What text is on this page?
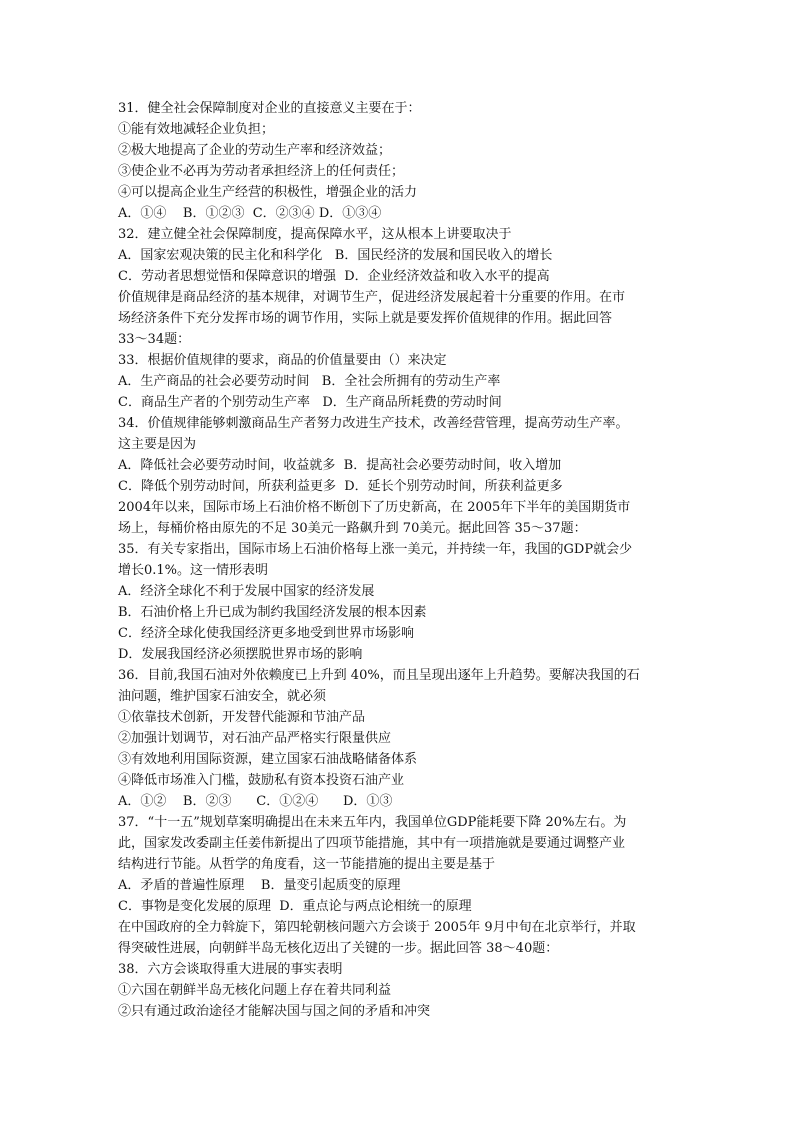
31．健全社会保障制度对企业的直接意义主要在于：
①能有效地减轻企业负担；
②极大地提高了企业的劳动生产率和经济效益；
③使企业不必再为劳动者承担经济上的任何责任；
④可以提高企业生产经营的积极性，增强企业的活力
A．①④    B．①②③  C．②③④ D．①③④
32．建立健全社会保障制度，提高保障水平，这从根本上讲要取决于
A．国家宏观决策的民主化和科学化   B．国民经济的发展和国民收入的增长
C．劳动者思想觉悟和保障意识的增强  D．企业经济效益和收入水平的提高
价值规律是商品经济的基本规律，对调节生产，促进经济发展起着十分重要的作用。在市
场经济条件下充分发挥市场的调节作用，实际上就是要发挥价值规律的作用。据此回答
33～34题：
33．根据价值规律的要求，商品的价值量要由（）来决定
A．生产商品的社会必要劳动时间   B．全社会所拥有的劳动生产率
C．商品生产者的个别劳动生产率   D．生产商品所耗费的劳动时间
34．价值规律能够刺激商品生产者努力改进生产技术，改善经营管理，提高劳动生产率。
这主要是因为
A．降低社会必要劳动时间，收益就多  B．提高社会必要劳动时间，收入增加
C．降低个别劳动时间，所获利益更多  D．延长个别劳动时间，所获利益更多
2004年以来，国际市场上石油价格不断创下了历史新高，在 2005年下半年的美国期货市
场上，每桶价格由原先的不足 30美元一路飙升到 70美元。据此回答 35～37题：
35．有关专家指出，国际市场上石油价格每上涨一美元，并持续一年，我国的GDP就会少
增长0.1%。这一情形表明
A．经济全球化不利于发展中国家的经济发展
B．石油价格上升已成为制约我国经济发展的根本因素
C．经济全球化使我国经济更多地受到世界市场影响
D．发展我国经济必须摆脱世界市场的影响
36．目前,我国石油对外依赖度已上升到 40%，而且呈现出逐年上升趋势。要解决我国的石
油问题，维护国家石油安全，就必须
①依靠技术创新，开发替代能源和节油产品
②加强计划调节，对石油产品严格实行限量供应
③有效地利用国际资源，建立国家石油战略储备体系
④降低市场准入门槛，鼓励私有资本投资石油产业
A．①②    B．②③      C．①②④      D．①③
37．“十一五”规划草案明确提出在未来五年内，我国单位GDP能耗要下降 20%左右。为
此，国家发改委副主任姜伟新提出了四项节能措施，其中有一项措施就是要通过调整产业
结构进行节能。从哲学的角度看，这一节能措施的提出主要是基于
A．矛盾的普遍性原理    B．量变引起质变的原理
C．事物是变化发展的原理  D．重点论与两点论相统一的原理
在中国政府的全力斡旋下，第四轮朝核问题六方会谈于 2005年 9月中旬在北京举行，并取
得突破性进展，向朝鲜半岛无核化迈出了关键的一步。据此回答 38～40题：
38．六方会谈取得重大进展的事实表明
①六国在朝鲜半岛无核化问题上存在着共同利益
②只有通过政治途径才能解决国与国之间的矛盾和冲突
